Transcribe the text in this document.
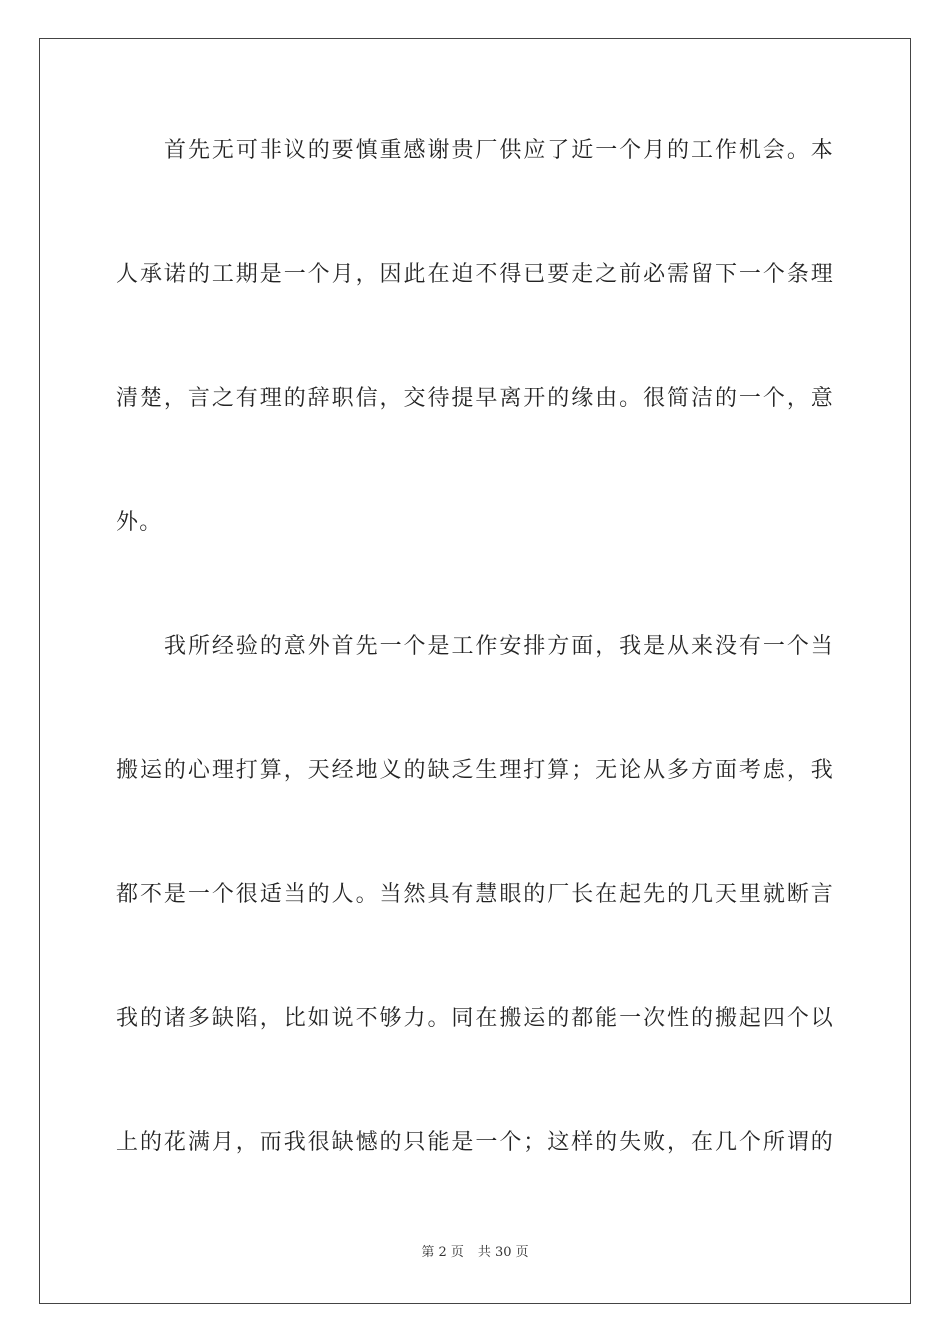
首先无可非议的要慎重感谢贵厂供应了近一个月的工作机会。本

人承诺的工期是一个月，因此在迫不得已要走之前必需留下一个条理

清楚，言之有理的辞职信，交待提早离开的缘由。很简洁的一个，意

外。

我所经验的意外首先一个是工作安排方面，我是从来没有一个当

搬运的心理打算，天经地义的缺乏生理打算；无论从多方面考虑，我

都不是一个很适当的人。当然具有慧眼的厂长在起先的几天里就断言

我的诸多缺陷，比如说不够力。同在搬运的都能一次性的搬起四个以

上的花满月，而我很缺憾的只能是一个；这样的失败，在几个所谓的

第 2 页 共 30 页
